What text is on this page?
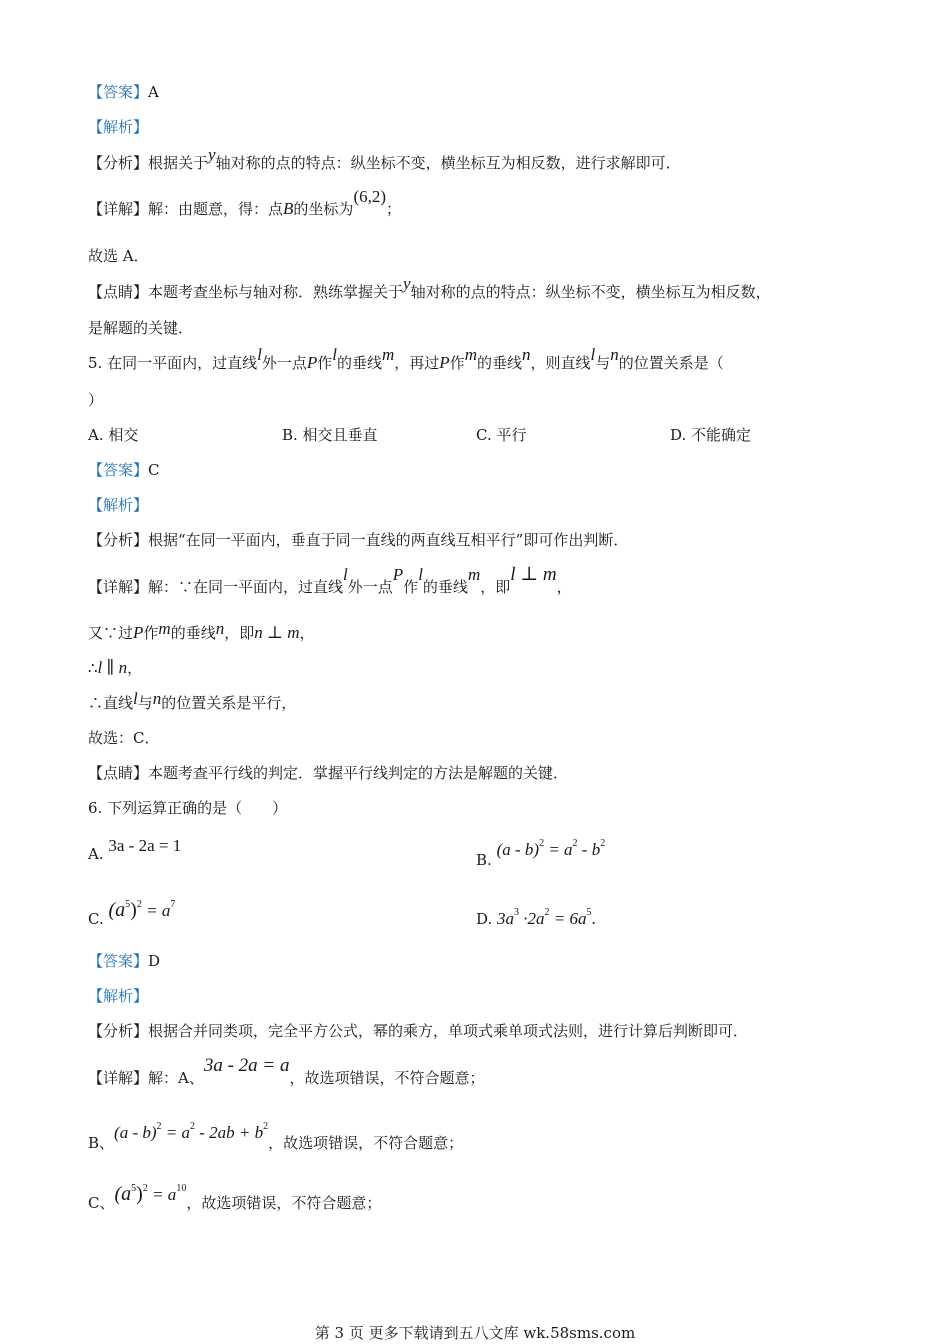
【答案】A
【解析】
【分析】根据关于y轴对称的点的特点：纵坐标不变，横坐标互为相反数，进行求解即可．
【详解】解：由题意，得：点B的坐标为(6,2)；
故选 A．
【点睛】本题考查坐标与轴对称．熟练掌握关于y轴对称的点的特点：纵坐标不变，横坐标互为相反数，
是解题的关键．
5. 在同一平面内，过直线l外一点P作l的垂线m，再过P作m的垂线n，则直线l与n的位置关系是（
）
A. 相交	B. 相交且垂直	C. 平行	D. 不能确定
【答案】C
【解析】
【分析】根据“在同一平面内，垂直于同一直线的两直线互相平行”即可作出判断．
【详解】解：∵在同一平面内，过直线l外一点P作l的垂线m，即l ⊥ m，
又∵过P作m的垂线n，即n ⊥ m，
∴l ∥ n，
∴直线l与n的位置关系是平行，
故选：C．
【点睛】本题考查平行线的判定．掌握平行线判定的方法是解题的关键．
6. 下列运算正确的是（　　）
A. 3a - 2a = 1
B. $(a - b)^2 = a^2 - b^2$
C. $(a^5)^2 = a^7$
D. $3a^3 \cdot 2a^2 = 6a^5$.
【答案】D
【解析】
【分析】根据合并同类项，完全平方公式，幂的乘方，单项式乘单项式法则，进行计算后判断即可．
【详解】解：A、3a - 2a = a，故选项错误，不符合题意；
B、$(a - b)^2 = a^2 - 2ab + b^2$，故选项错误，不符合题意；
C、$(a^5)^2 = a^{10}$，故选项错误，不符合题意；
第 3 页 更多下载请到五八文库 wk.58sms.com
